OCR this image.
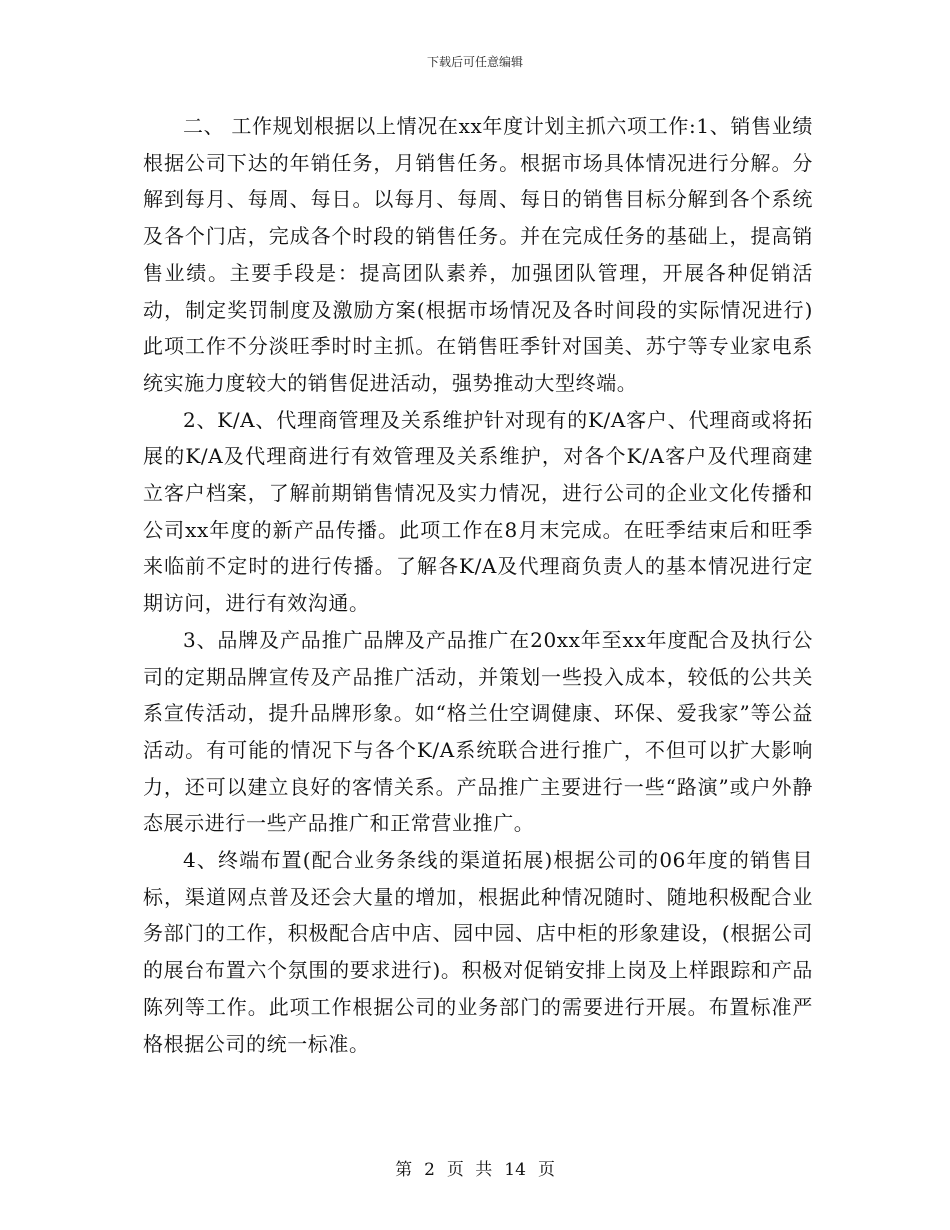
下载后可任意编辑

二、 工作规划根据以上情况在xx年度计划主抓六项工作:1、销售业绩根据公司下达的年销任务，月销售任务。根据市场具体情况进行分解。分解到每月、每周、每日。以每月、每周、每日的销售目标分解到各个系统及各个门店，完成各个时段的销售任务。并在完成任务的基础上，提高销售业绩。主要手段是：提高团队素养，加强团队管理，开展各种促销活动，制定奖罚制度及激励方案(根据市场情况及各时间段的实际情况进行)此项工作不分淡旺季时时主抓。在销售旺季针对国美、苏宁等专业家电系统实施力度较大的销售促进活动，强势推动大型终端。

2、K/A、代理商管理及关系维护针对现有的K/A客户、代理商或将拓展的K/A及代理商进行有效管理及关系维护，对各个K/A客户及代理商建立客户档案，了解前期销售情况及实力情况，进行公司的企业文化传播和公司xx年度的新产品传播。此项工作在8月末完成。在旺季结束后和旺季来临前不定时的进行传播。了解各K/A及代理商负责人的基本情况进行定期访问，进行有效沟通。

3、品牌及产品推广品牌及产品推广在20xx年至xx年度配合及执行公司的定期品牌宣传及产品推广活动，并策划一些投入成本，较低的公共关系宣传活动，提升品牌形象。如“格兰仕空调健康、环保、爱我家”等公益活动。有可能的情况下与各个K/A系统联合进行推广，不但可以扩大影响力，还可以建立良好的客情关系。产品推广主要进行一些“路演”或户外静态展示进行一些产品推广和正常营业推广。

4、终端布置(配合业务条线的渠道拓展)根据公司的06年度的销售目标，渠道网点普及还会大量的增加，根据此种情况随时、随地积极配合业务部门的工作，积极配合店中店、园中园、店中柜的形象建设，(根据公司的展台布置六个氛围的要求进行)。积极对促销安排上岗及上样跟踪和产品陈列等工作。此项工作根据公司的业务部门的需要进行开展。布置标准严格根据公司的统一标准。

第 2 页 共 14 页
